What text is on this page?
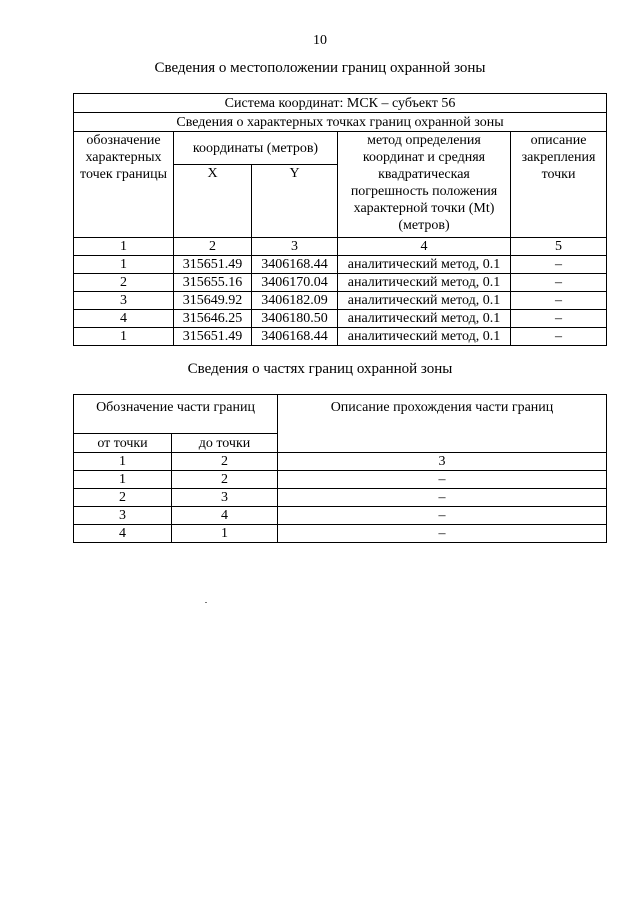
10
Сведения о местоположении границ охранной зоны
Система координат: МСК – субъект 56				
Сведения о характерных точках границ охранной зоны				
обозначение характерных точек границы	координаты (метров)		метод определения координат и средняя квадратичеcкая погрешность положения характерной точки (Mt) (метров)	описание закрепления точки
	X	Y		
1	2	3	4	5
1	315651.49	3406168.44	аналитический метод, 0.1	–
2	315655.16	3406170.04	аналитический метод, 0.1	–
3	315649.92	3406182.09	аналитический метод, 0.1	–
4	315646.25	3406180.50	аналитический метод, 0.1	–
1	315651.49	3406168.44	аналитический метод, 0.1	–
Сведения о частях границ охранной зоны
Обозначение части границ		Описание прохождения части границ
от точки	до точки	
1	2	3
1	2	–
2	3	–
3	4	–
4	1	–
